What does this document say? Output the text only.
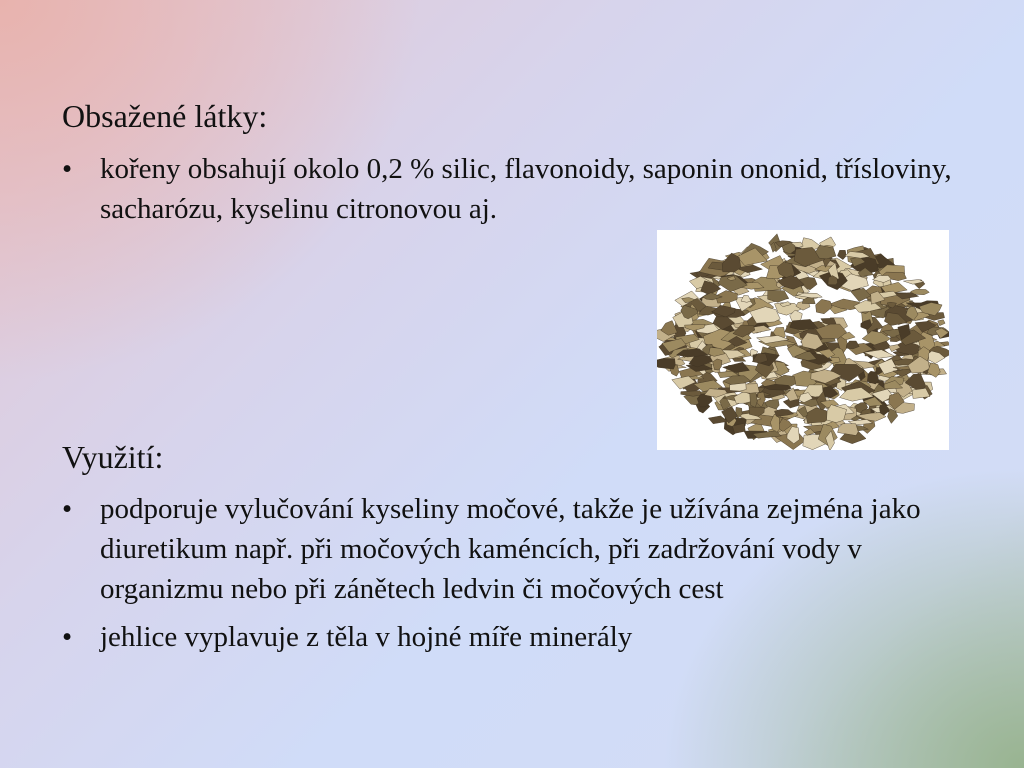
Obsažené látky:
• kořeny obsahují okolo 0,2 % silic, flavonoidy, saponin ononid, třísloviny, sacharózu, kyselinu citronovou aj.
Využití:
• podporuje vylučování kyseliny močové, takže je užívána zejména jako diuretikum např. při močových kaméncích, při zadržování vody v organizmu nebo při zánětech ledvin či močových cest
• jehlice vyplavuje z těla v hojné míře minerály
